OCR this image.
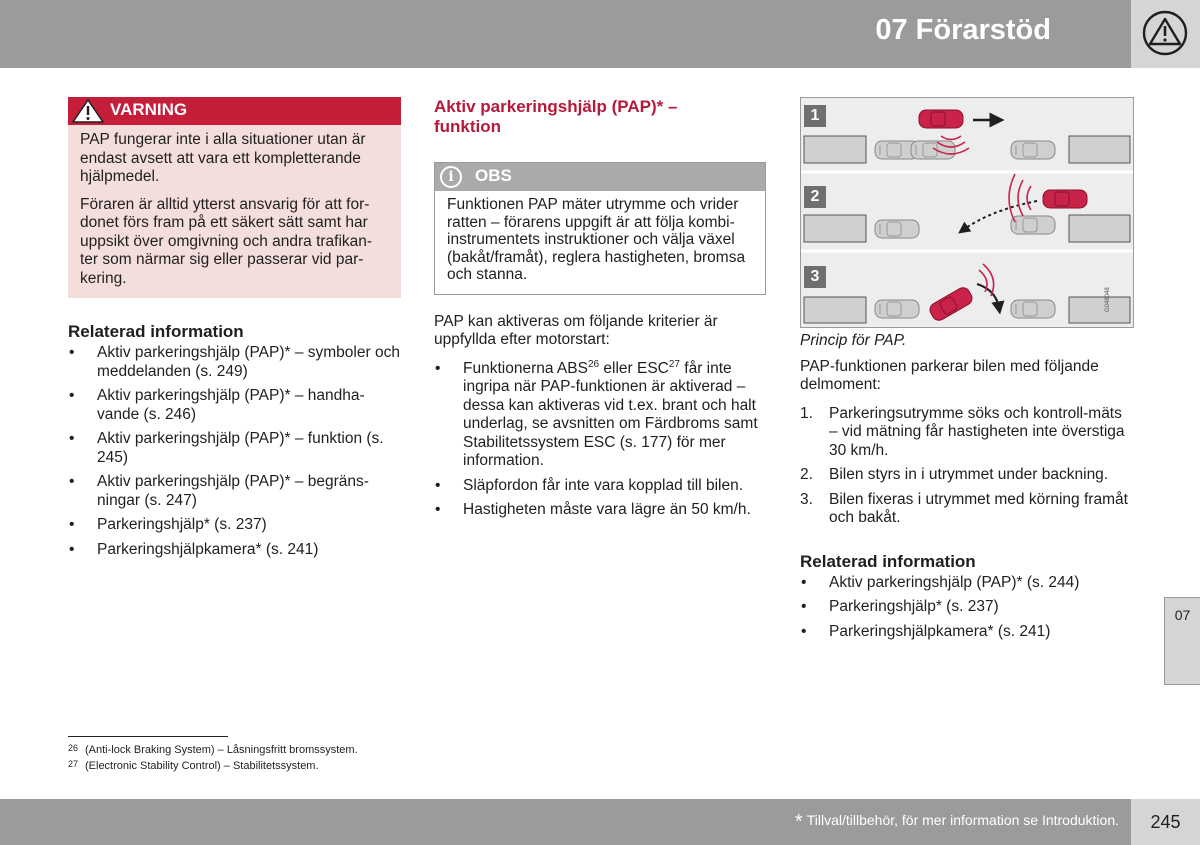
07 Förarstöd
VARNING

PAP fungerar inte i alla situationer utan är endast avsett att vara ett kompletterande hjälpmedel.

Föraren är alltid ytterst ansvarig för att for-donet förs fram på ett säkert sätt samt har uppsikt över omgivning och andra trafikan-ter som närmar sig eller passerar vid par-kering.

Relaterad information
• Aktiv parkeringshjälp (PAP)* – symboler och meddelanden (s. 249)
• Aktiv parkeringshjälp (PAP)* – handha-vande (s. 246)
• Aktiv parkeringshjälp (PAP)* – funktion (s. 245)
• Aktiv parkeringshjälp (PAP)* – begräns-ningar (s. 247)
• Parkeringshjälp* (s. 237)
• Parkeringshjälpkamera* (s. 241)
Aktiv parkeringshjälp (PAP)* –
funktion
i	OBS
Funktionen PAP mäter utrymme och vrider ratten – förarens uppgift är att följa kombi-instrumentets instruktioner och välja växel (bakåt/framåt), reglera hastigheten, bromsa och stanna.

PAP kan aktiveras om följande kriterier är uppfyllda efter motorstart:

• Funktionerna ABS$^{26}$ eller ESC$^{27}$ får inte ingripa när PAP-funktionen är aktiverad – dessa kan aktiveras vid t.ex. brant och halt underlag, se avsnitten om Färdbroms samt Stabilitetssystem ESC (s. 177) för mer information.
• Släpfordon får inte vara kopplad till bilen.
• Hastigheten måste vara lägre än 50 km/h.
1
2
3
G048048
Princip för PAP.

PAP-funktionen parkerar bilen med följande delmoment:

1. Parkeringsutrymme söks och kontroll-mäts – vid mätning får hastigheten inte överstiga 30 km/h.
2. Bilen styrs in i utrymmet under backning.
3. Bilen fixeras i utrymmet med körning framåt och bakåt.
Relaterad information
• Aktiv parkeringshjälp (PAP)* (s. 244)
• Parkeringshjälp* (s. 237)
• Parkeringshjälpkamera* (s. 241)
07
26 (Anti-lock Braking System) – Låsningsfritt bromssystem.
27 (Electronic Stability Control) – Stabilitetssystem.
* Tillval/tillbehör, för mer information se Introduktion.	245
